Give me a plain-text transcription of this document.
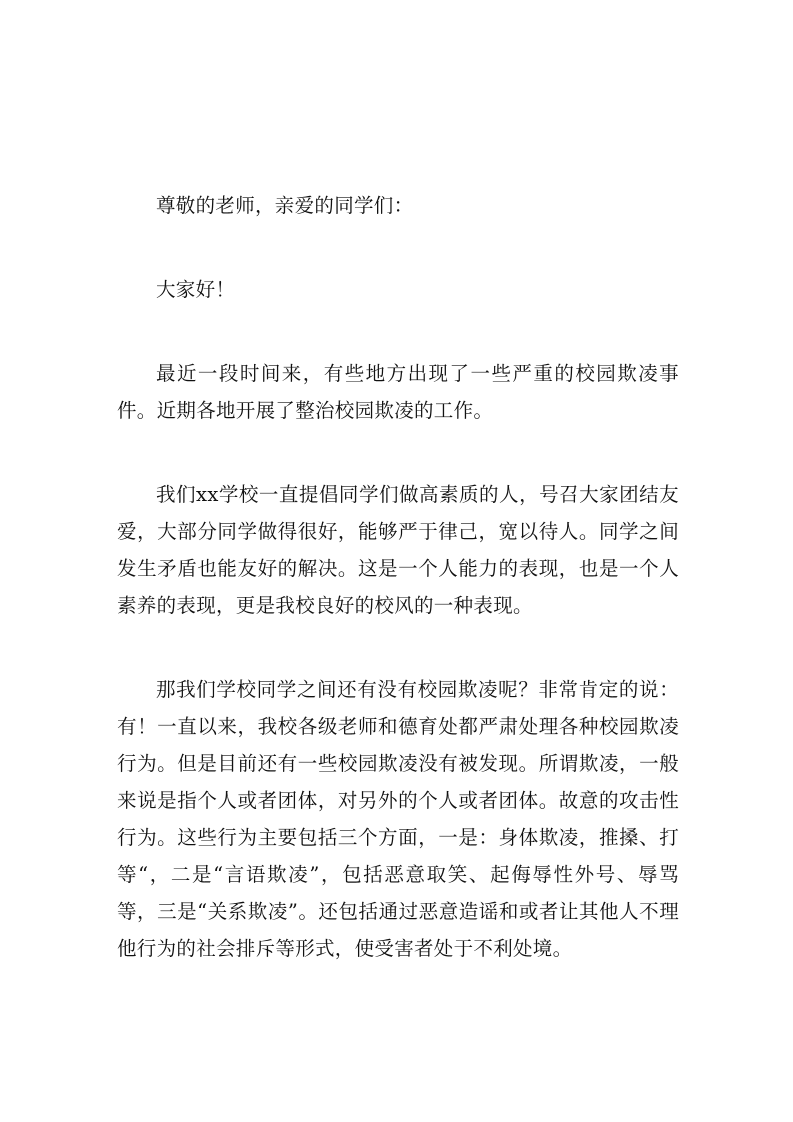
尊敬的老师，亲爱的同学们：

大家好！

最近一段时间来，有些地方出现了一些严重的校园欺凌事件。近期各地开展了整治校园欺凌的工作。

我们xx学校一直提倡同学们做高素质的人，号召大家团结友爱，大部分同学做得很好，能够严于律己，宽以待人。同学之间发生矛盾也能友好的解决。这是一个人能力的表现，也是一个人素养的表现，更是我校良好的校风的一种表现。

那我们学校同学之间还有没有校园欺凌呢？非常肯定的说：有！一直以来，我校各级老师和德育处都严肃处理各种校园欺凌行为。但是目前还有一些校园欺凌没有被发现。所谓欺凌，一般来说是指个人或者团体，对另外的个人或者团体。故意的攻击性行为。这些行为主要包括三个方面，一是：身体欺凌，推搡、打等“，二是“言语欺凌”，包括恶意取笑、起侮辱性外号、辱骂等，三是“关系欺凌”。还包括通过恶意造谣和或者让其他人不理他行为的社会排斥等形式，使受害者处于不利处境。
